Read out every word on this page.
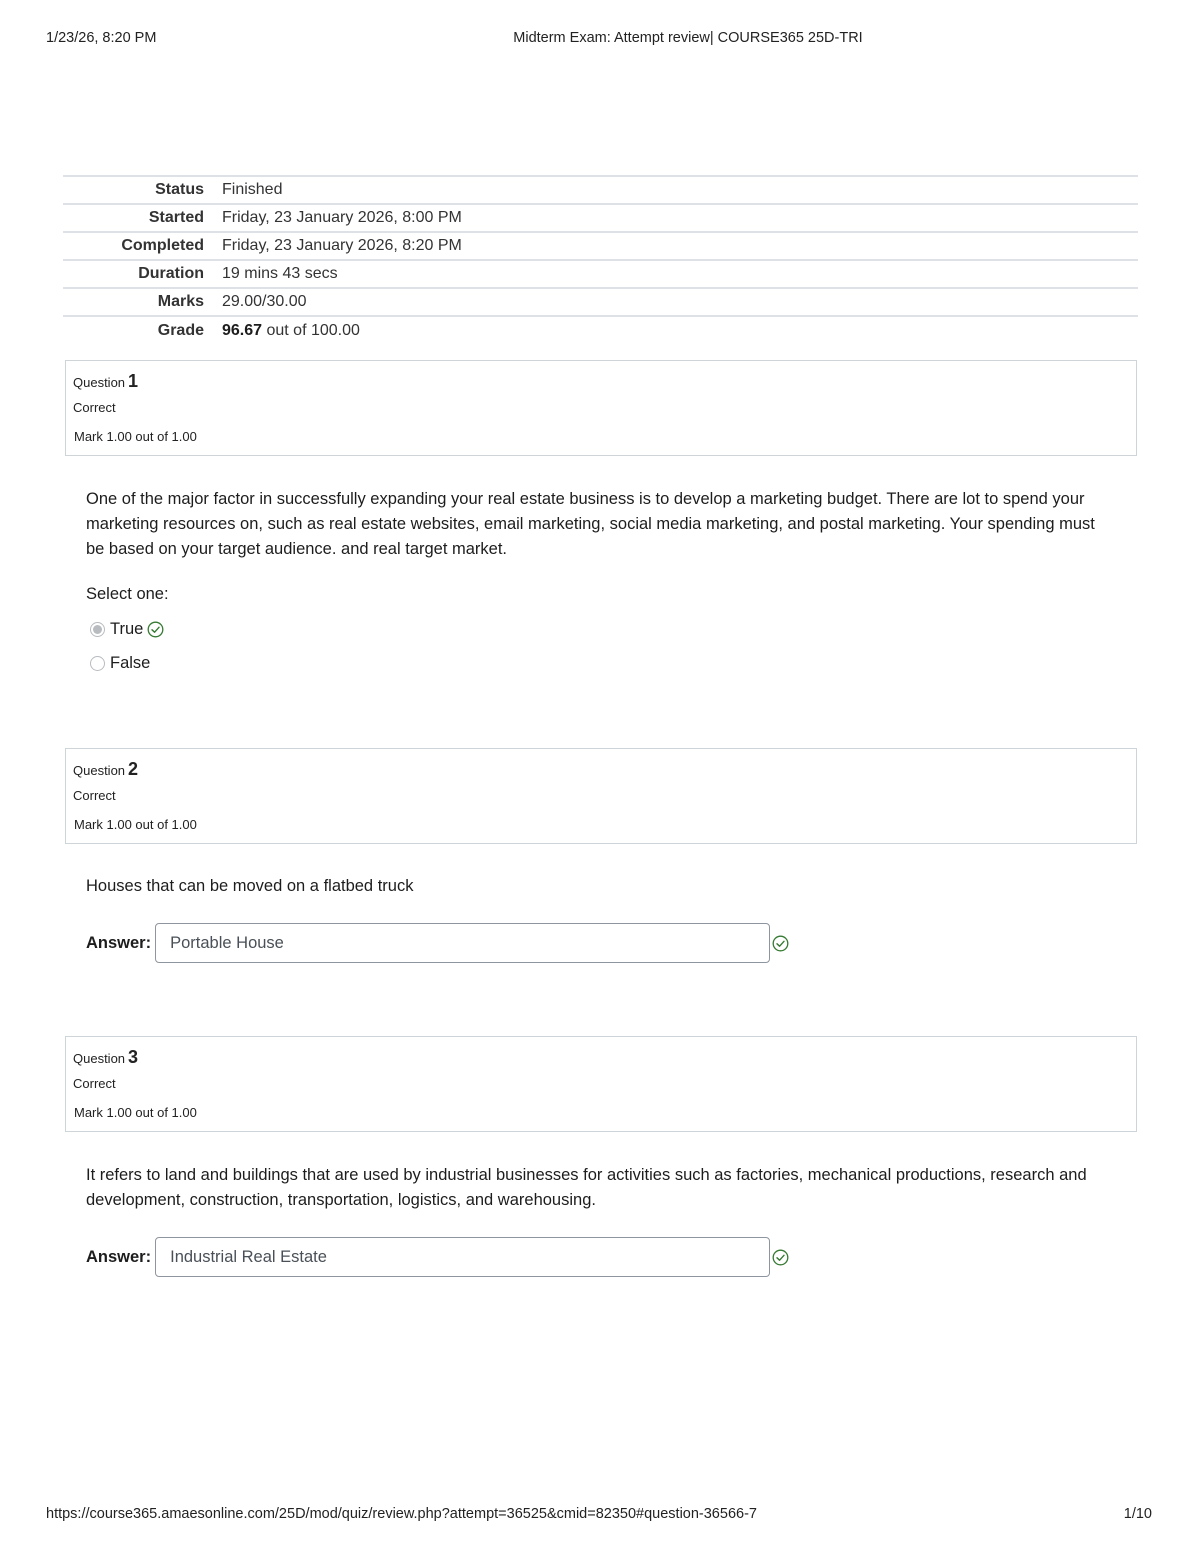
1/23/26, 8:20 PM	Midterm Exam: Attempt review| COURSE365 25D-TRI
Status	Finished
Started	Friday, 23 January 2026, 8:00 PM
Completed	Friday, 23 January 2026, 8:20 PM
Duration	19 mins 43 secs
Marks	29.00/30.00
Grade	96.67 out of 100.00
Question 1
Correct
Mark 1.00 out of 1.00
One of the major factor in successfully expanding your real estate business is to develop a marketing budget. There are lot to spend your marketing resources on, such as real estate websites, email marketing, social media marketing, and postal marketing. Your spending must be based on your target audience. and real target market.
Select one:
True
False
Question 2
Correct
Mark 1.00 out of 1.00
Houses that can be moved on a flatbed truck
Answer:	Portable House
Question 3
Correct
Mark 1.00 out of 1.00
It refers to land and buildings that are used by industrial businesses for activities such as factories, mechanical productions, research and development, construction, transportation, logistics, and warehousing.
Answer:	Industrial Real Estate
https://course365.amaesonline.com/25D/mod/quiz/review.php?attempt=36525&cmid=82350#question-36566-7	1/10
